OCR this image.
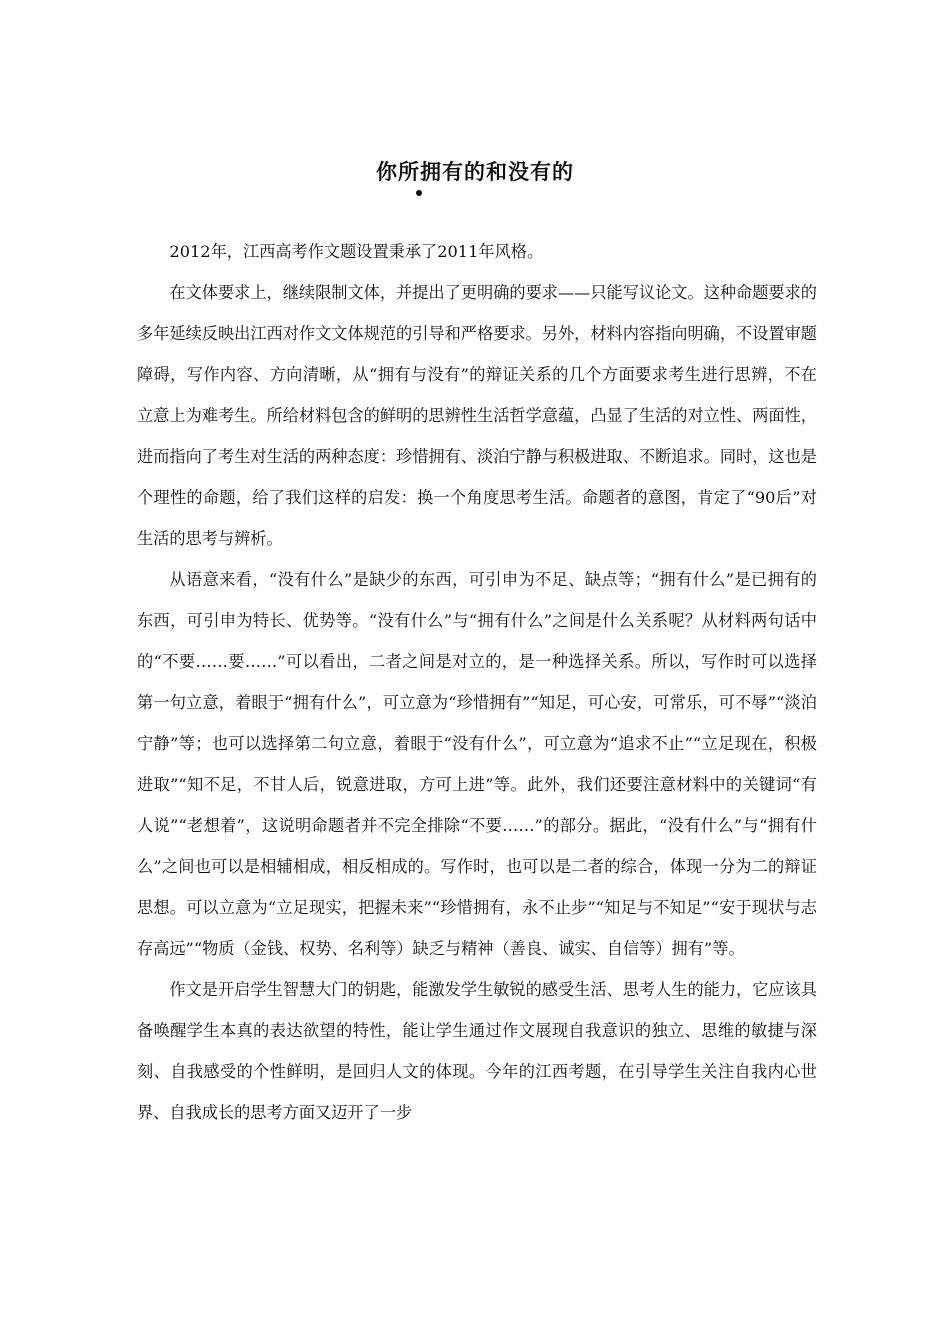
你所拥有的和没有的

2012年，江西高考作文题设置秉承了2011年风格。

在文体要求上，继续限制文体，并提出了更明确的要求——只能写议论文。这种命题要求的多年延续反映出江西对作文文体规范的引导和严格要求。另外，材料内容指向明确，不设置审题障碍，写作内容、方向清晰，从“拥有与没有”的辩证关系的几个方面要求考生进行思辨，不在立意上为难考生。所给材料包含的鲜明的思辨性生活哲学意蕴，凸显了生活的对立性、两面性，进而指向了考生对生活的两种态度：珍惜拥有、淡泊宁静与积极进取、不断追求。同时，这也是个理性的命题，给了我们这样的启发：换一个角度思考生活。命题者的意图，肯定了“90后”对生活的思考与辨析。

从语意来看，“没有什么”是缺少的东西，可引申为不足、缺点等；“拥有什么”是已拥有的东西，可引申为特长、优势等。“没有什么”与“拥有什么”之间是什么关系呢？从材料两句话中的“不要……要……”可以看出，二者之间是对立的，是一种选择关系。所以，写作时可以选择第一句立意，着眼于“拥有什么”，可立意为“珍惜拥有”“知足，可心安，可常乐，可不辱”“淡泊宁静”等；也可以选择第二句立意，着眼于“没有什么”，可立意为“追求不止”“立足现在，积极进取”“知不足，不甘人后，锐意进取，方可上进”等。此外，我们还要注意材料中的关键词“有人说”“老想着”，这说明命题者并不完全排除“不要……”的部分。据此，“没有什么”与“拥有什么”之间也可以是相辅相成，相反相成的。写作时，也可以是二者的综合，体现一分为二的辩证思想。可以立意为“立足现实，把握未来”“珍惜拥有，永不止步”“知足与不知足”“安于现状与志存高远”“物质（金钱、权势、名利等）缺乏与精神（善良、诚实、自信等）拥有”等。

作文是开启学生智慧大门的钥匙，能激发学生敏锐的感受生活、思考人生的能力，它应该具备唤醒学生本真的表达欲望的特性，能让学生通过作文展现自我意识的独立、思维的敏捷与深刻、自我感受的个性鲜明，是回归人文的体现。今年的江西考题，在引导学生关注自我内心世界、自我成长的思考方面又迈开了一步
